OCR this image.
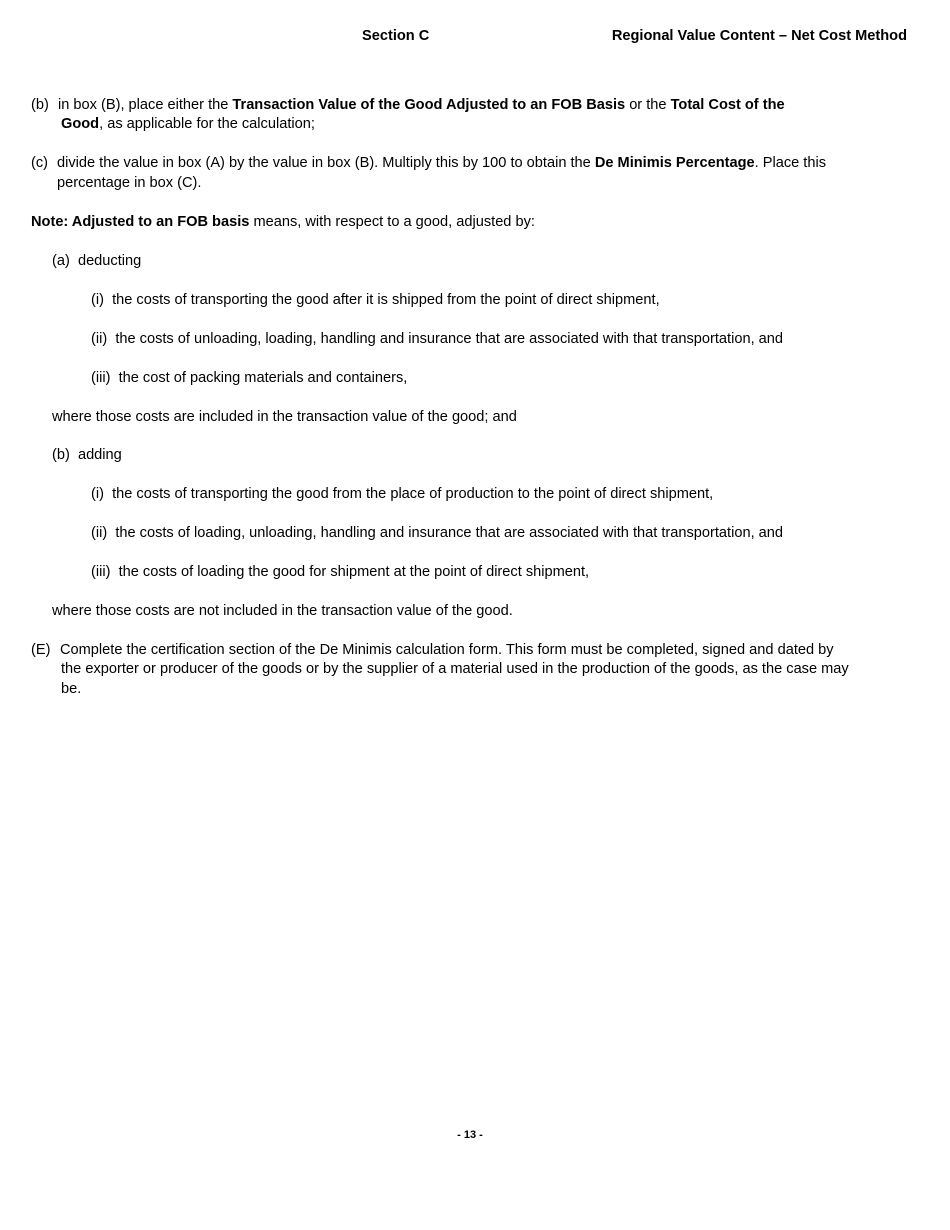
Section C	Regional Value Content – Net Cost Method
(b) in box (B), place either the Transaction Value of the Good Adjusted to an FOB Basis or the Total Cost of the
Good, as applicable for the calculation;
(c) divide the value in box (A) by the value in box (B). Multiply this by 100 to obtain the De Minimis Percentage. Place this
percentage in box (C).
Note: Adjusted to an FOB basis means, with respect to a good, adjusted by:
(a) deducting
(i) the costs of transporting the good after it is shipped from the point of direct shipment,
(ii) the costs of unloading, loading, handling and insurance that are associated with that transportation, and
(iii) the cost of packing materials and containers,
where those costs are included in the transaction value of the good; and
(b) adding
(i) the costs of transporting the good from the place of production to the point of direct shipment,
(ii) the costs of loading, unloading, handling and insurance that are associated with that transportation, and
(iii) the costs of loading the good for shipment at the point of direct shipment,
where those costs are not included in the transaction value of the good.
(E) Complete the certification section of the De Minimis calculation form. This form must be completed, signed and dated by
the exporter or producer of the goods or by the supplier of a material used in the production of the goods, as the case may
be.
- 13 -
